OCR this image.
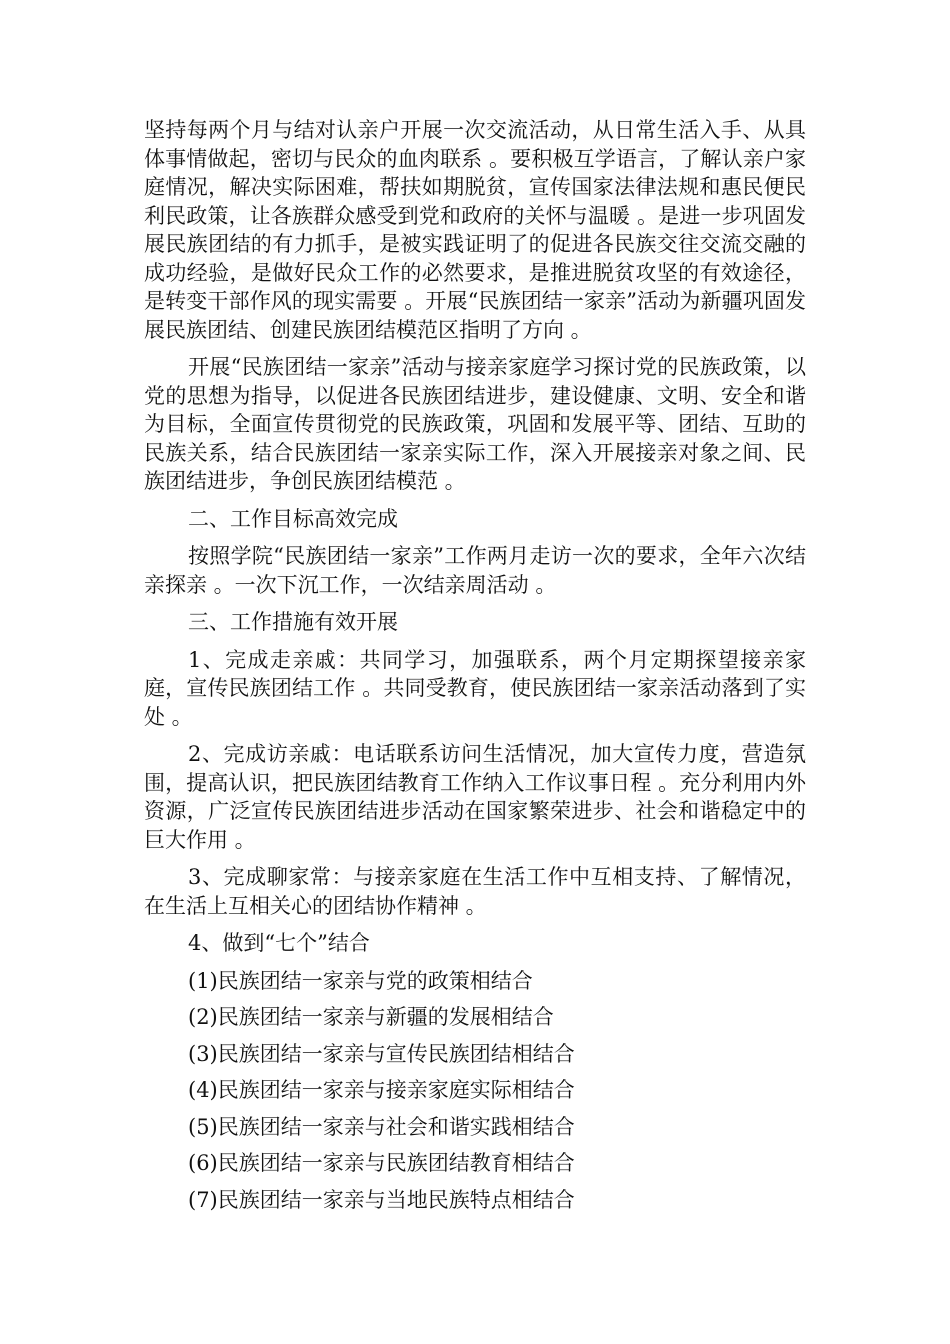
坚持每两个月与结对认亲户开展一次交流活动，从日常生活入手、从具体事情做起，密切与民众的血肉联系 。要积极互学语言，了解认亲户家庭情况，解决实际困难，帮扶如期脱贫，宣传国家法律法规和惠民便民利民政策，让各族群众感受到党和政府的关怀与温暖 。是进一步巩固发展民族团结的有力抓手，是被实践证明了的促进各民族交往交流交融的成功经验，是做好民众工作的必然要求，是推进脱贫攻坚的有效途径，是转变干部作风的现实需要 。开展“民族团结一家亲”活动为新疆巩固发展民族团结、创建民族团结模范区指明了方向 。

开展“民族团结一家亲”活动与接亲家庭学习探讨党的民族政策，以党的思想为指导，以促进各民族团结进步，建设健康、文明、安全和谐为目标，全面宣传贯彻党的民族政策，巩固和发展平等、团结、互助的民族关系，结合民族团结一家亲实际工作，深入开展接亲对象之间、民族团结进步，争创民族团结模范 。

二、工作目标高效完成

按照学院“民族团结一家亲”工作两月走访一次的要求，全年六次结亲探亲 。一次下沉工作，一次结亲周活动 。

三、工作措施有效开展

1、完成走亲戚：共同学习，加强联系，两个月定期探望接亲家庭，宣传民族团结工作 。共同受教育，使民族团结一家亲活动落到了实处 。

2、完成访亲戚：电话联系访问生活情况，加大宣传力度，营造氛围，提高认识，把民族团结教育工作纳入工作议事日程 。充分利用内外资源，广泛宣传民族团结进步活动在国家繁荣进步、社会和谐稳定中的巨大作用 。

3、完成聊家常：与接亲家庭在生活工作中互相支持、了解情况，在生活上互相关心的团结协作精神 。

4、做到“七个”结合

(1)民族团结一家亲与党的政策相结合

(2)民族团结一家亲与新疆的发展相结合

(3)民族团结一家亲与宣传民族团结相结合

(4)民族团结一家亲与接亲家庭实际相结合

(5)民族团结一家亲与社会和谐实践相结合

(6)民族团结一家亲与民族团结教育相结合

(7)民族团结一家亲与当地民族特点相结合
